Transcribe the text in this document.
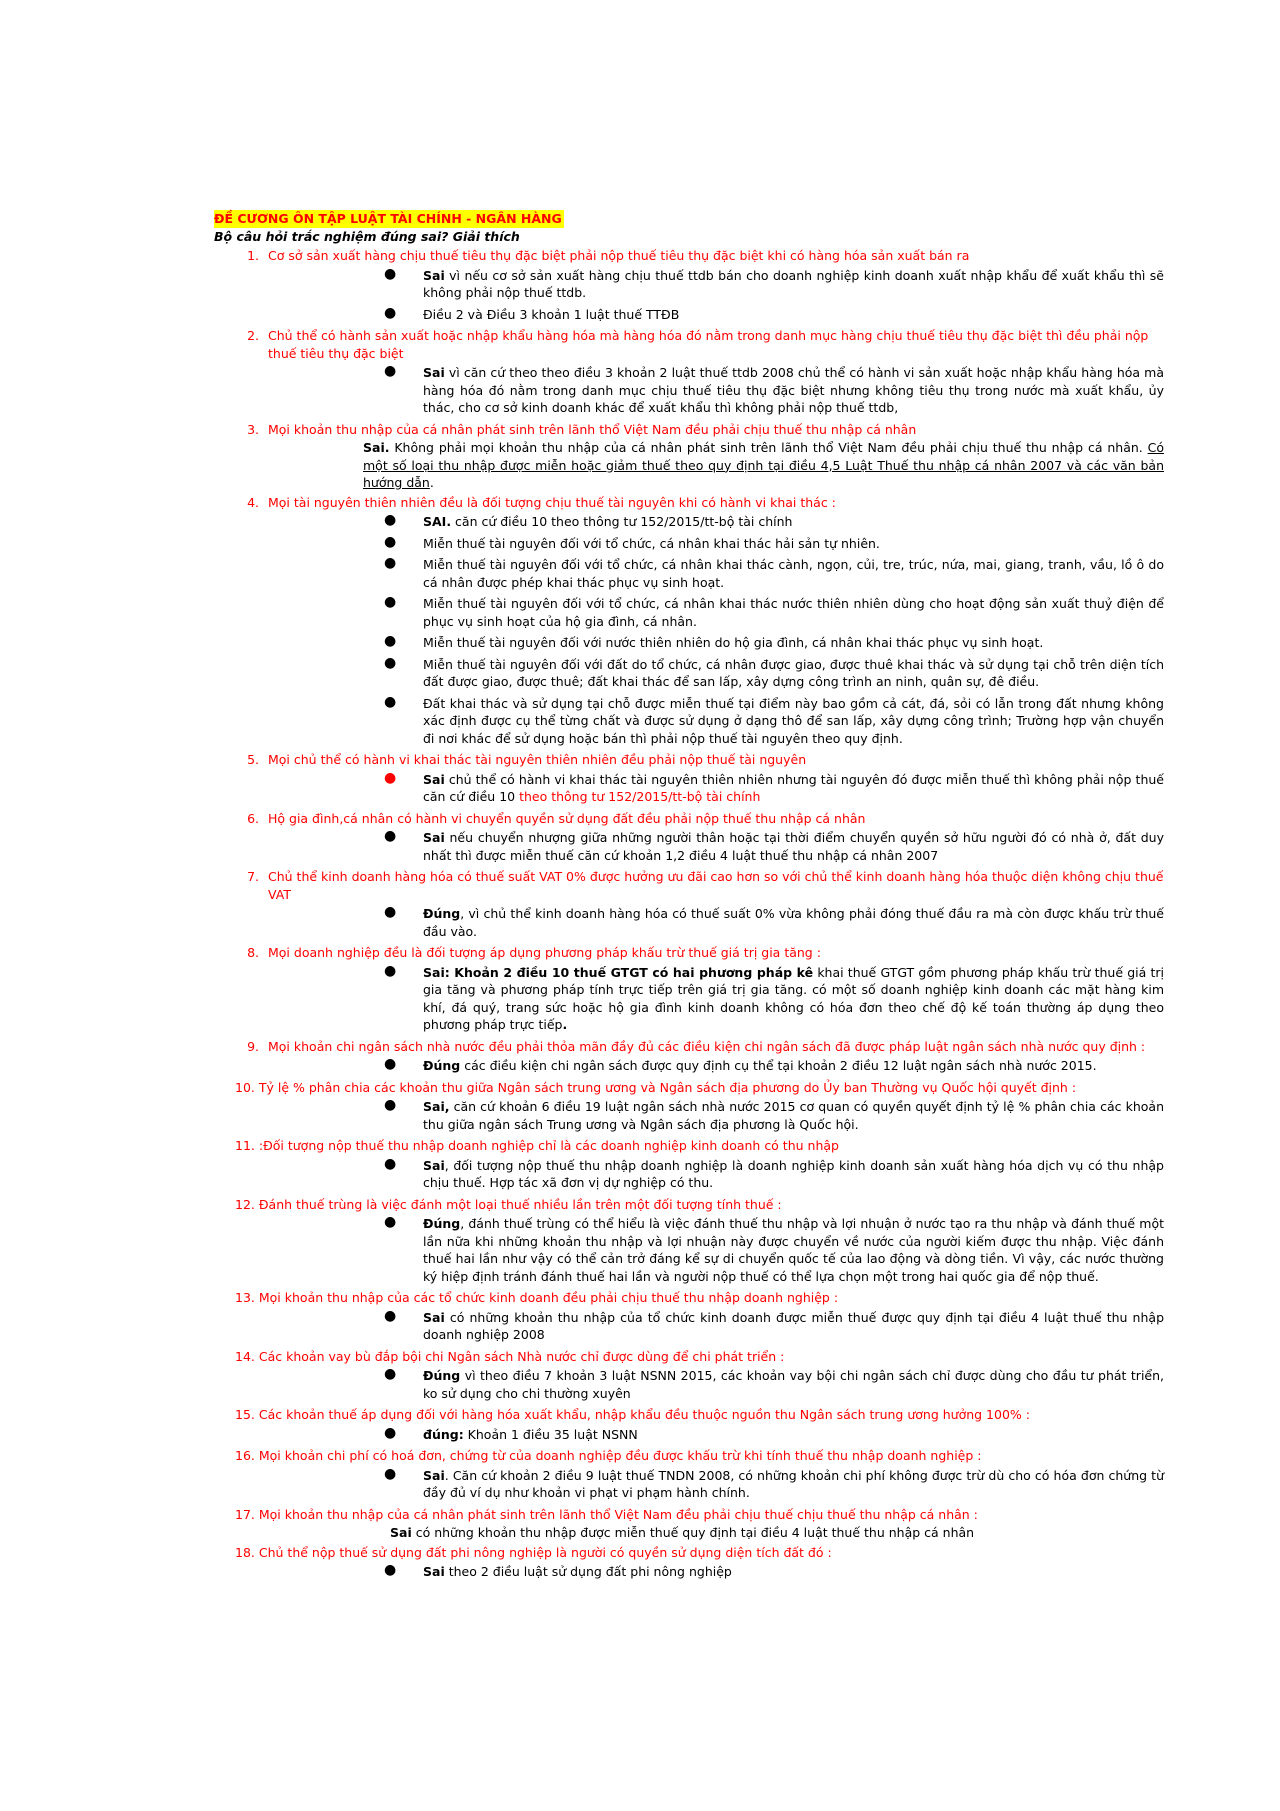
ĐỀ CƯƠNG ÔN TẬP LUẬT TÀI CHÍNH - NGÂN HÀNG
Bộ câu hỏi trắc nghiệm đúng sai? Giải thích
1. Cơ sở sản xuất hàng chịu thuế tiêu thụ đặc biệt phải nộp thuế tiêu thụ đặc biệt khi có hàng hóa sản xuất bán ra
● Sai vì nếu cơ sở sản xuất hàng chịu thuế ttdb bán cho doanh nghiệp kinh doanh xuất nhập khẩu để xuất khẩu thì sẽ không phải nộp thuế ttdb.
● Điều 2 và Điều 3 khoản 1 luật thuế TTĐB
2. Chủ thể có hành sản xuất hoặc nhập khẩu hàng hóa mà hàng hóa đó nằm trong danh mục hàng chịu thuế tiêu thụ đặc biệt thì đều phải nộp thuế tiêu thụ đặc biệt
● Sai vì căn cứ theo theo điều 3 khoản 2 luật thuế ttdb 2008 chủ thể có hành vi sản xuất hoặc nhập khẩu hàng hóa mà hàng hóa đó nằm trong danh mục chịu thuế tiêu thụ đặc biệt nhưng không tiêu thụ trong nước mà xuất khẩu, ủy thác, cho cơ sở kinh doanh khác để xuất khẩu thì không phải nộp thuế ttdb,
3. Mọi khoản thu nhập của cá nhân phát sinh trên lãnh thổ Việt Nam đều phải chịu thuế thu nhập cá nhân
Sai. Không phải mọi khoản thu nhập của cá nhân phát sinh trên lãnh thổ Việt Nam đều phải chịu thuế thu nhập cá nhân. Có một số loại thu nhập được miễn hoặc giảm thuế theo quy định tại điều 4,5 Luật Thuế thu nhập cá nhân 2007 và các văn bản hướng dẫn.
4. Mọi tài nguyên thiên nhiên đều là đối tượng chịu thuế tài nguyên khi có hành vi khai thác :
● SAI. căn cứ điều 10 theo thông tư 152/2015/tt-bộ tài chính
● Miễn thuế tài nguyên đối với tổ chức, cá nhân khai thác hải sản tự nhiên.
● Miễn thuế tài nguyên đối với tổ chức, cá nhân khai thác cành, ngọn, củi, tre, trúc, nứa, mai, giang, tranh, vầu, lồ ô do cá nhân được phép khai thác phục vụ sinh hoạt.
● Miễn thuế tài nguyên đối với tổ chức, cá nhân khai thác nước thiên nhiên dùng cho hoạt động sản xuất thuỷ điện để phục vụ sinh hoạt của hộ gia đình, cá nhân.
● Miễn thuế tài nguyên đối với nước thiên nhiên do hộ gia đình, cá nhân khai thác phục vụ sinh hoạt.
● Miễn thuế tài nguyên đối với đất do tổ chức, cá nhân được giao, được thuê khai thác và sử dụng tại chỗ trên diện tích đất được giao, được thuê; đất khai thác để san lấp, xây dựng công trình an ninh, quân sự, đê điều.
● Đất khai thác và sử dụng tại chỗ được miễn thuế tại điểm này bao gồm cả cát, đá, sỏi có lẫn trong đất nhưng không xác định được cụ thể từng chất và được sử dụng ở dạng thô để san lấp, xây dựng công trình; Trường hợp vận chuyển đi nơi khác để sử dụng hoặc bán thì phải nộp thuế tài nguyên theo quy định.
5. Mọi chủ thể có hành vi khai thác tài nguyên thiên nhiên đều phải nộp thuế tài nguyên
● Sai chủ thể có hành vi khai thác tài nguyên thiên nhiên nhưng tài nguyên đó được miễn thuế thì không phải nộp thuế căn cứ điều 10 theo thông tư 152/2015/tt-bộ tài chính
6. Hộ gia đình,cá nhân có hành vi chuyển quyền sử dụng đất đều phải nộp thuế thu nhập cá nhân
● Sai nếu chuyển nhượng giữa những người thân hoặc tại thời điểm chuyển quyền sở hữu người đó có nhà ở, đất duy nhất thì được miễn thuế căn cứ khoản 1,2 điều 4 luật thuế thu nhập cá nhân 2007
7. Chủ thể kinh doanh hàng hóa có thuế suất VAT 0% được hưởng ưu đãi cao hơn so với chủ thể kinh doanh hàng hóa thuộc diện không chịu thuế VAT
● Đúng, vì chủ thể kinh doanh hàng hóa có thuế suất 0% vừa không phải đóng thuế đầu ra mà còn được khấu trừ thuế đầu vào.
8. Mọi doanh nghiệp đều là đối tượng áp dụng phương pháp khấu trừ thuế giá trị gia tăng :
● Sai: Khoản 2 điều 10 thuế GTGT có hai phương pháp kê khai thuế GTGT gồm phương pháp khấu trừ thuế giá trị gia tăng và phương pháp tính trực tiếp trên giá trị gia tăng. có một số doanh nghiệp kinh doanh các mặt hàng kim khí, đá quý, trang sức hoặc hộ gia đình kinh doanh không có hóa đơn theo chế độ kế toán thường áp dụng theo phương pháp trực tiếp.
9. Mọi khoản chi ngân sách nhà nước đều phải thỏa mãn đầy đủ các điều kiện chi ngân sách đã được pháp luật ngân sách nhà nước quy định :
● Đúng các điều kiện chi ngân sách được quy định cụ thể tại khoản 2 điều 12 luật ngân sách nhà nước 2015.
10. Tỷ lệ % phân chia các khoản thu giữa Ngân sách trung ương và Ngân sách địa phương do Ủy ban Thường vụ Quốc hội quyết định :
● Sai, căn cứ khoản 6 điều 19 luật ngân sách nhà nước 2015 cơ quan có quyền quyết định tỷ lệ % phân chia các khoản thu giữa ngân sách Trung ương và Ngân sách địa phương là Quốc hội.
11. :Đối tượng nộp thuế thu nhập doanh nghiệp chỉ là các doanh nghiệp kinh doanh có thu nhập
● Sai, đối tượng nộp thuế thu nhập doanh nghiệp là doanh nghiệp kinh doanh sản xuất hàng hóa dịch vụ có thu nhập chịu thuế. Hợp tác xã đơn vị dự nghiệp có thu.
12. Đánh thuế trùng là việc đánh một loại thuế nhiều lần trên một đối tượng tính thuế :
● Đúng, đánh thuế trùng có thể hiểu là việc đánh thuế thu nhập và lợi nhuận ở nước tạo ra thu nhập và đánh thuế một lần nữa khi những khoản thu nhập và lợi nhuận này được chuyển về nước của người kiếm được thu nhập. Việc đánh thuế hai lần như vậy có thể cản trở đáng kể sự di chuyển quốc tế của lao động và dòng tiền. Vì vậy, các nước thường ký hiệp định tránh đánh thuế hai lần và người nộp thuế có thể lựa chọn một trong hai quốc gia để nộp thuế.
13. Mọi khoản thu nhập của các tổ chức kinh doanh đều phải chịu thuế thu nhập doanh nghiệp :
● Sai có những khoản thu nhập của tổ chức kinh doanh được miễn thuế được quy định tại điều 4 luật thuế thu nhập doanh nghiệp 2008
14. Các khoản vay bù đắp bội chi Ngân sách Nhà nước chỉ được dùng để chi phát triển :
● Đúng vì theo điều 7 khoản 3 luật NSNN 2015, các khoản vay bội chi ngân sách chỉ được dùng cho đầu tư phát triển, ko sử dụng cho chi thường xuyên
15. Các khoản thuế áp dụng đối với hàng hóa xuất khẩu, nhập khẩu đều thuộc nguồn thu Ngân sách trung ương hưởng 100% :
● đúng: Khoản 1 điều 35 luật NSNN
16. Mọi khoản chi phí có hoá đơn, chứng từ của doanh nghiệp đều được khấu trừ khi tính thuế thu nhập doanh nghiệp :
● Sai. Căn cứ khoản 2 điều 9 luật thuế TNDN 2008, có những khoản chi phí không được trừ dù cho có hóa đơn chứng từ đầy đủ ví dụ như khoản vi phạt vi phạm hành chính.
17. Mọi khoản thu nhập của cá nhân phát sinh trên lãnh thổ Việt Nam đều phải chịu thuế chịu thuế thu nhập cá nhân :
Sai có những khoản thu nhập được miễn thuế quy định tại điều 4 luật thuế thu nhập cá nhân
18. Chủ thể nộp thuế sử dụng đất phi nông nghiệp là người có quyền sử dụng diện tích đất đó :
● Sai theo 2 điều luật sử dụng đất phi nông nghiệp
